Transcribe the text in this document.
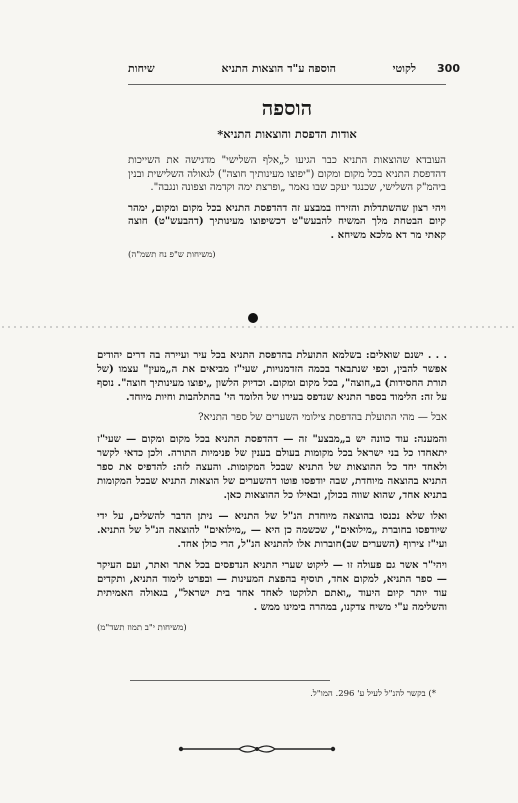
300
לקוטי
הוספה ע"ד הוצאות התניא
שיחות
הוספה
אודות הדפסת והוצאות התניא*

העובדא שהוצאות התניא כבר הגיעו ל„אלף השלישי" מדגישה את השייכות דהדפסת התניא בכל מקום ומקום ("יפוצו מעינותיך חוצה") לגאולה השלישית ובנין ביהמ"ק השלישי, שכנגד יעקב שבו נאמר „ופרצת ימה וקדמה וצפונה ונגבה".

ויהי רצון שהשתדלות והזירוז במבצע זה דהדפסת התניא בכל מקום ומקום, ימהר קיום הבטחת מלך המשיח להבעש"ט דכשיפוצו מעינותיך (דהבעש"ט) חוצה קאתי מר דא מלכא משיחא .

(משיחות ש"פ נח תשמ"ה)

. . . ישנם שואלים: בשלמא התועלת בהדפסת התניא בכל עיר ועיירה בה דרים יהודים אפשר להבין, וכפי שנתבאר בכמה הזדמנויות, שעי"ז מביאים את ה„מעין" עצמו (של תורת החסידות) ב„חוצה", בכל מקום ומקום. וכדיוק הלשון „יפוצו מעינותיך חוצה". נוסף על זה: הלימוד בספר התניא שנדפס בעירו של הלומד הי' בהתלהבות וחיות מיוחד.

אבל — מהי התועלת בהדפסת צילומי השערים של ספר התניא?

והמענה: עוד כוונה יש ב„מבצע" זה — דהדפסת התניא בכל מקום ומקום — שעי"ז יתאחדו כל בני ישראל בכל מקומות בעולם בענין של פנימיות התורה. ולכן כדאי לקשר ולאחד יחד כל ההוצאות של התניא שבכל המקומות. והעצה לזה: להדפיס את ספר התניא בהוצאה מיוחדת, שבה יודפסו פוטו דהשערים של הוצאות התניא שבכל המקומות בתניא אחד, שהוא שווה בכולן, ובאילו כל ההוצאות כאן.

ואלו שלא נכנסו בהוצאה מיוחדת הנ"ל של התניא — ניתן הדבר להשלים, על ידי שיודפסו בחוברת „מילואים", שכשמה כן היא — „מילואים" להוצאה הנ"ל של התניא. ועי"ז צירוף (השערים שב)חוברות אלו להתניא הנ"ל, הרי כולן אחד.

ויהי"ר אשר גם פעולה זו — ליקוט שערי התניא הנדפסים בכל אתר ואתר, ועם העיקר — ספר התניא, למקום אחד, תוסיף בהפצת המעינות — ובפרט לימוד התניא, ותקדים עוד יותר קיום היעוד „ואתם תלוקטו לאחד אחד בית ישראל", בגאולה האמיתית והשלימה ע"י משיח צדקנו, במהרה בימינו ממש .

(משיחות י"ב תמוז תשד"מ)
*) בקשר להנ"ל לעיל ע' 296. המו"ל.
